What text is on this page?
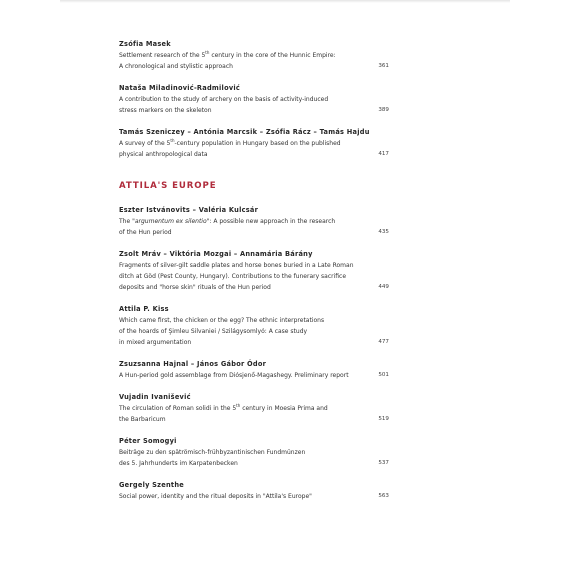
Zsófia Masek
Settlement research of the 5th century in the core of the Hunnic Empire:
A chronological and stylistic approach	361
Nataša Miladinović-Radmilović
A contribution to the study of archery on the basis of activity-induced
stress markers on the skeleton	389
Tamás Szeniczey – Antónia Marcsik – Zsófia Rácz – Tamás Hajdu
A survey of the 5th-century population in Hungary based on the published
physical anthropological data	417
ATTILA'S EUROPE
Eszter Istvánovits – Valéria Kulcsár
The "argumentum ex silentio": A possible new approach in the research
of the Hun period	435
Zsolt Mráv – Viktória Mozgai – Annamária Bárány
Fragments of silver-gilt saddle plates and horse bones buried in a Late Roman
ditch at Göd (Pest County, Hungary). Contributions to the funerary sacrifice
deposits and "horse skin" rituals of the Hun period	449
Attila P. Kiss
Which came first, the chicken or the egg? The ethnic interpretations
of the hoards of Şimleu Silvaniei / Szilágysomlyó: A case study
in mixed argumentation	477
Zsuzsanna Hajnal – János Gábor Ódor
A Hun-period gold assemblage from Diósjenő-Magashegy. Preliminary report	501
Vujadin Ivanišević
The circulation of Roman solidi in the 5th century in Moesia Prima and
the Barbaricum	519
Péter Somogyi
Beiträge zu den spätrömisch-frühbyzantinischen Fundmünzen
des 5. Jahrhunderts im Karpatenbecken	537
Gergely Szenthe
Social power, identity and the ritual deposits in "Attila's Europe"	563
